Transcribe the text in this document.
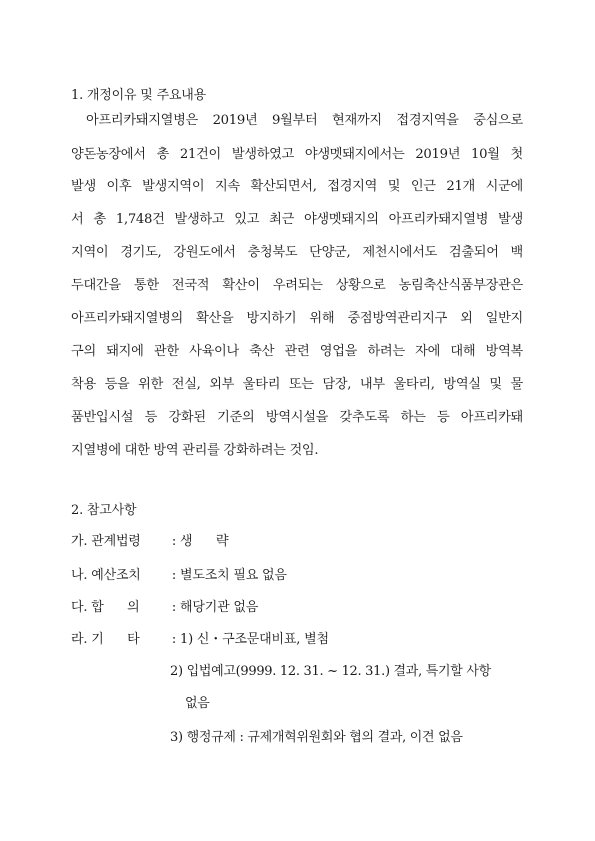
1. 개정이유 및 주요내용
아프리카돼지열병은 2019년 9월부터 현재까지 접경지역을 중심으로
양돈농장에서 총 21건이 발생하였고 야생멧돼지에서는 2019년 10월 첫
발생 이후 발생지역이 지속 확산되면서, 접경지역 및 인근 21개 시군에
서 총 1,748건 발생하고 있고 최근 야생멧돼지의 아프리카돼지열병 발생
지역이 경기도, 강원도에서 충청북도 단양군, 제천시에서도 검출되어 백
두대간을 통한 전국적 확산이 우려되는 상황으로 농림축산식품부장관은
아프리카돼지열병의 확산을 방지하기 위해 중점방역관리지구 외 일반지
구의 돼지에 관한 사육이나 축산 관련 영업을 하려는 자에 대해 방역복
착용 등을 위한 전실, 외부 울타리 또는 담장, 내부 울타리, 방역실 및 물
품반입시설 등 강화된 기준의 방역시설을 갖추도록 하는 등 아프리카돼
지열병에 대한 방역 관리를 강화하려는 것임.
2. 참고사항
가. 관계법령 : 생      략
나. 예산조치 : 별도조치 필요 없음
다. 합      의 : 해당기관 없음
라. 기      타 : 1) 신・구조문대비표, 별첨
2) 입법예고(9999. 12. 31. ~ 12. 31.) 결과, 특기할 사항
없음
3) 행정규제 : 규제개혁위원회와 협의 결과, 이견 없음
